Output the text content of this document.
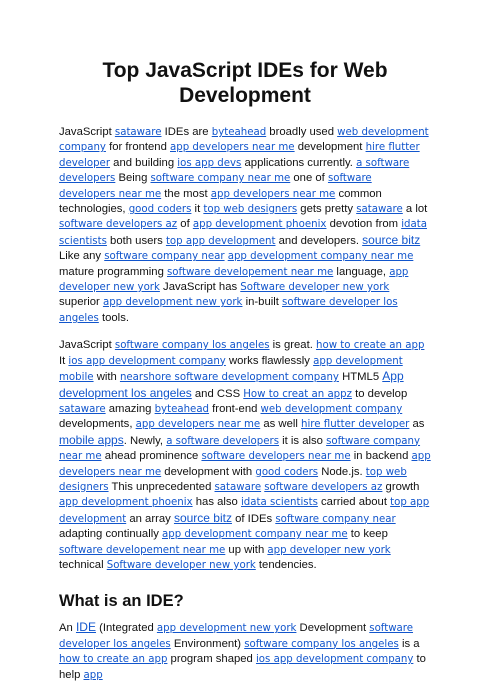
Top JavaScript IDEs for Web Development

JavaScript sataware IDEs are byteahead broadly used web development company for frontend app developers near me development hire flutter developer and building ios app devs applications currently. a software developers Being software company near me one of software developers near me the most app developers near me common technologies, good coders it top web designers gets pretty sataware a lot software developers az of app development phoenix devotion from idata scientists both users top app development and developers. source bitz Like any software company near app development company near me mature programming software developement near me language, app developer new york JavaScript has Software developer new york superior app development new york in-built software developer los angeles tools.

JavaScript software company los angeles is great. how to create an app It ios app development company works flawlessly app development mobile with nearshore software development company HTML5 App development los angeles and CSS How to creat an appz to develop sataware amazing byteahead front-end web development company developments, app developers near me as well hire flutter developer as mobile apps. Newly, a software developers it is also software company near me ahead prominence software developers near me in backend app developers near me development with good coders Node.js. top web designers This unprecedented sataware software developers az growth app development phoenix has also idata scientists carried about top app development an array source bitz of IDEs software company near adapting continually app development company near me to keep software developement near me up with app developer new york technical Software developer new york tendencies.

What is an IDE?

An IDE (Integrated app development new york Development software developer los angeles Environment) software company los angeles is a how to create an app program shaped ios app development company to help app
